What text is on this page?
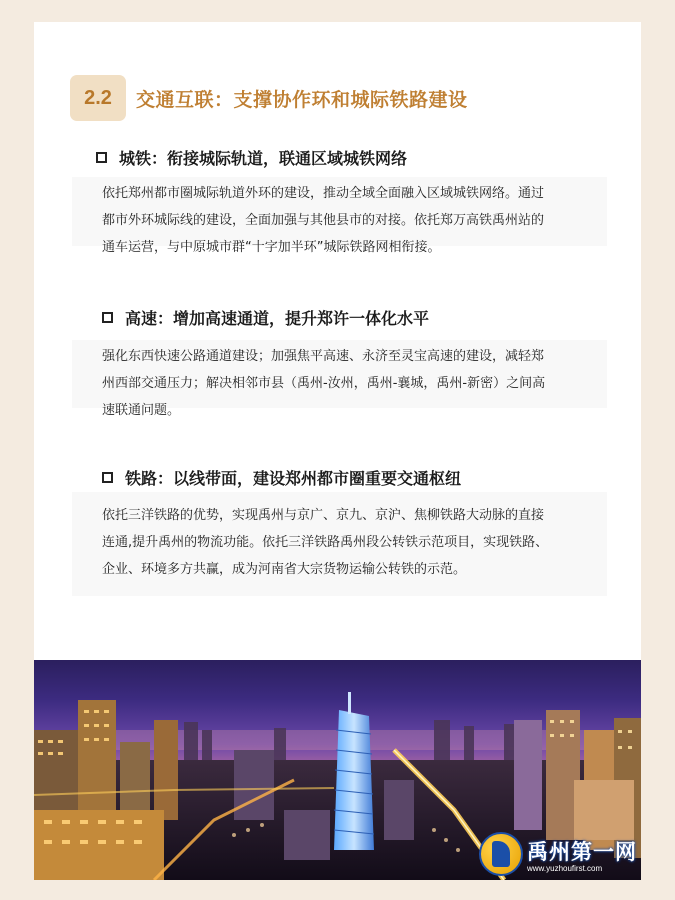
2.2	交通互联：支撑协作环和城际铁路建设
城铁：衔接城际轨道，联通区域城铁网络
依托郑州都市圈城际轨道外环的建设，推动全域全面融入区域城铁网络。通过
都市外环城际线的建设，全面加强与其他县市的对接。依托郑万高铁禹州站的
通车运营，与中原城市群“十字加半环”城际铁路网相衔接。
高速：增加高速通道，提升郑许一体化水平
强化东西快速公路通道建设；加强焦平高速、永济至灵宝高速的建设，减轻郑
州西部交通压力；解决相邻市县（禹州-汝州，禹州-襄城，禹州-新密）之间高
速联通问题。
铁路：以线带面，建设郑州都市圈重要交通枢纽
依托三洋铁路的优势，实现禹州与京广、京九、京沪、焦柳铁路大动脉的直接
连通,提升禹州的物流功能。依托三洋铁路禹州段公转铁示范项目，实现铁路、
企业、环境多方共赢，成为河南省大宗货物运输公转铁的示范。
禹州第一网
www.yuzhoufirst.com
